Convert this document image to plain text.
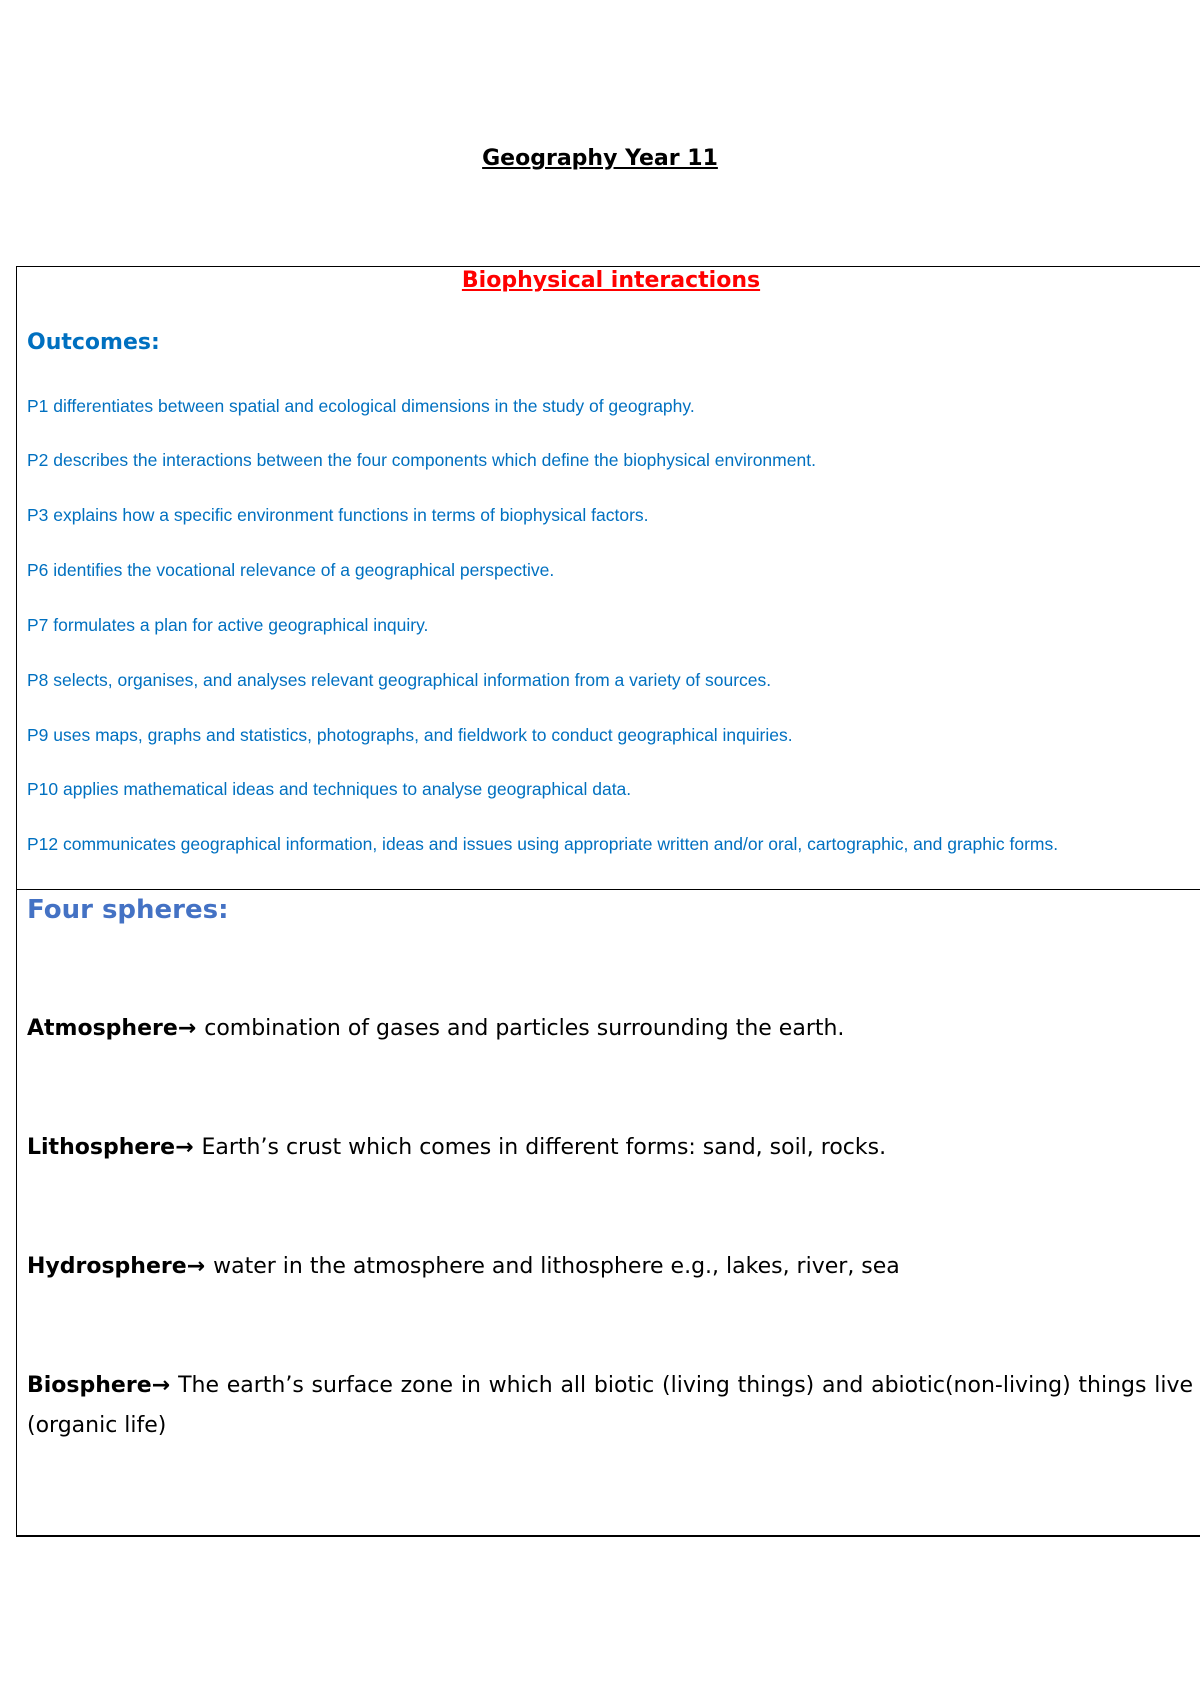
Geography Year 11
Biophysical interactions
Outcomes:
P1 differentiates between spatial and ecological dimensions in the study of geography.
P2 describes the interactions between the four components which define the biophysical environment.
P3 explains how a specific environment functions in terms of biophysical factors.
P6 identifies the vocational relevance of a geographical perspective.
P7 formulates a plan for active geographical inquiry.
P8 selects, organises, and analyses relevant geographical information from a variety of sources.
P9 uses maps, graphs and statistics, photographs, and fieldwork to conduct geographical inquiries.
P10 applies mathematical ideas and techniques to analyse geographical data.
P12 communicates geographical information, ideas and issues using appropriate written and/or oral, cartographic, and graphic forms.
Four spheres:
Atmosphere→ combination of gases and particles surrounding the earth.
Lithosphere→ Earth’s crust which comes in different forms: sand, soil, rocks.
Hydrosphere→ water in the atmosphere and lithosphere e.g., lakes, river, sea
Biosphere→ The earth’s surface zone in which all biotic (living things) and abiotic(non-living) things live (organic life)
